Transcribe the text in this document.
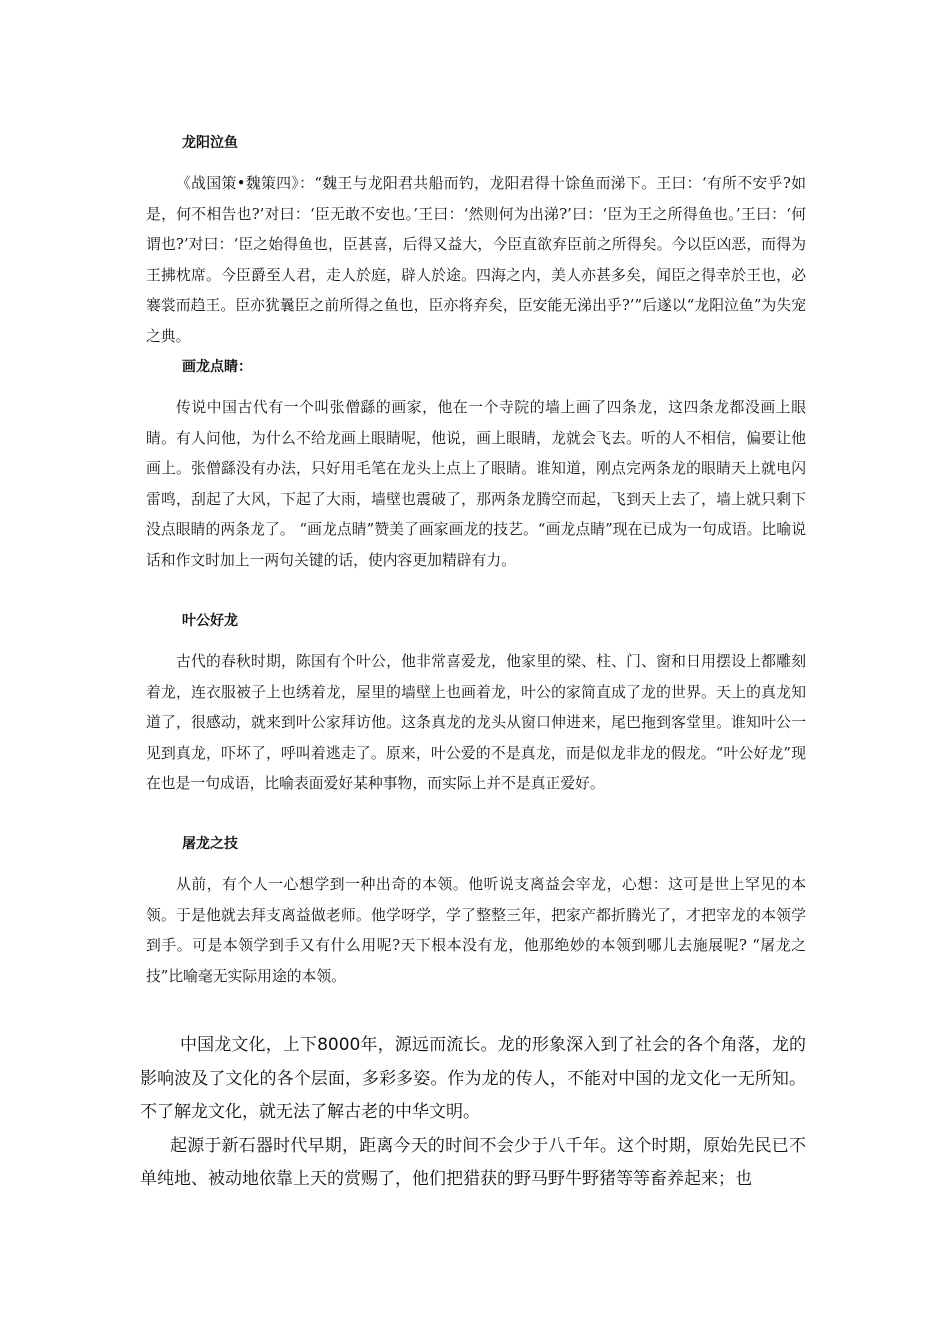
龙阳泣鱼

《战国策•魏策四》：“魏王与龙阳君共船而钓，龙阳君得十馀鱼而涕下。王曰：‘有所不安乎?如是，何不相告也?’对曰：‘臣无敢不安也。’王曰：‘然则何为出涕?’曰：‘臣为王之所得鱼也。’王曰：‘何谓也?’对曰：‘臣之始得鱼也，臣甚喜，后得又益大，今臣直欲弃臣前之所得矣。今以臣凶恶，而得为王拂枕席。今臣爵至人君，走人於庭，辟人於途。四海之内，美人亦甚多矣，闻臣之得幸於王也，必褰裳而趋王。臣亦犹曩臣之前所得之鱼也，臣亦将弃矣，臣安能无涕出乎?’”后遂以“龙阳泣鱼”为失宠之典。

画龙点睛：

传说中国古代有一个叫张僧繇的画家，他在一个寺院的墙上画了四条龙，这四条龙都没画上眼睛。有人问他，为什么不给龙画上眼睛呢，他说，画上眼睛，龙就会飞去。听的人不相信，偏要让他画上。张僧繇没有办法，只好用毛笔在龙头上点上了眼睛。谁知道，刚点完两条龙的眼睛天上就电闪雷鸣，刮起了大风，下起了大雨，墙壁也震破了，那两条龙腾空而起，飞到天上去了，墙上就只剩下没点眼睛的两条龙了。 “画龙点睛”赞美了画家画龙的技艺。“画龙点睛”现在已成为一句成语。比喻说话和作文时加上一两句关键的话，使内容更加精辟有力。

叶公好龙

古代的春秋时期，陈国有个叶公，他非常喜爱龙，他家里的梁、柱、门、窗和日用摆设上都雕刻着龙，连衣服被子上也绣着龙，屋里的墙壁上也画着龙，叶公的家简直成了龙的世界。天上的真龙知道了，很感动，就来到叶公家拜访他。这条真龙的龙头从窗口伸进来，尾巴拖到客堂里。谁知叶公一见到真龙，吓坏了，呼叫着逃走了。原来，叶公爱的不是真龙，而是似龙非龙的假龙。“叶公好龙”现在也是一句成语，比喻表面爱好某种事物，而实际上并不是真正爱好。

屠龙之技

从前，有个人一心想学到一种出奇的本领。他听说支离益会宰龙，心想：这可是世上罕见的本领。于是他就去拜支离益做老师。他学呀学，学了整整三年，把家产都折腾光了，才把宰龙的本领学到手。可是本领学到手又有什么用呢?天下根本没有龙，他那绝妙的本领到哪儿去施展呢? “屠龙之技”比喻毫无实际用途的本领。

中国龙文化，上下8000年，源远而流长。龙的形象深入到了社会的各个角落，龙的影响波及了文化的各个层面，多彩多姿。作为龙的传人，不能对中国的龙文化一无所知。不了解龙文化，就无法了解古老的中华文明。

起源于新石器时代早期，距离今天的时间不会少于八千年。这个时期，原始先民已不单纯地、被动地依靠上天的赏赐了，他们把猎获的野马野牛野猪等等畜养起来；也
